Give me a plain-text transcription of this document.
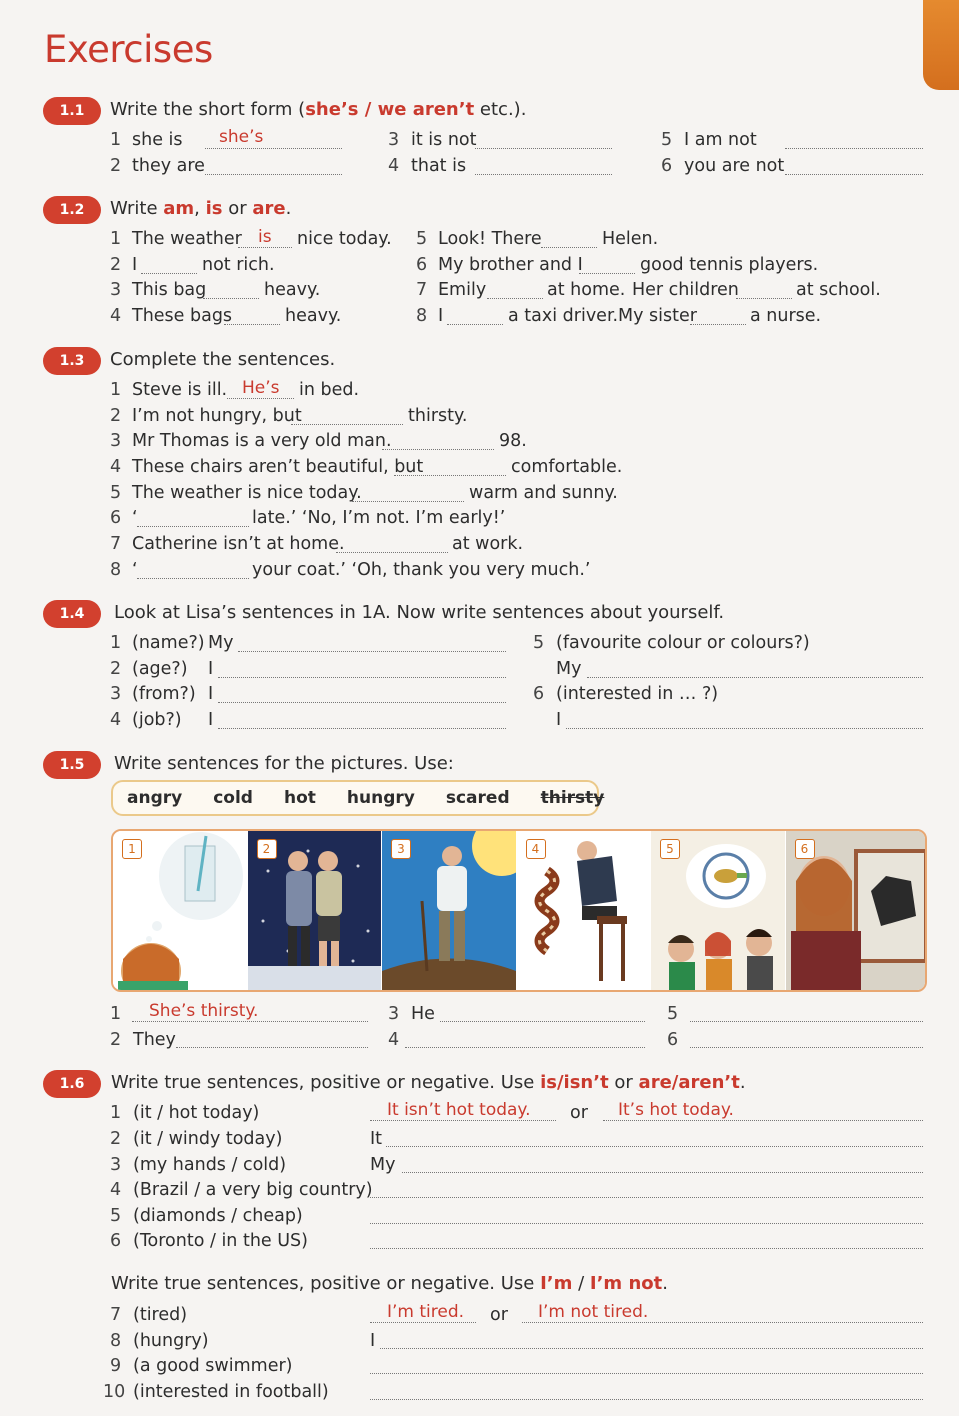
Exercises
1.1	Write the short form (she’s / we aren’t etc.).
1 she is she’s
2 they are
3 it is not
4 that is
5 I am not
6 you are not
1.2	Write am, is or are.
1 The weather is nice today.
2 I	not rich.
3 This bag	heavy.
4 These bags	heavy.
5 Look! There	Helen.
6 My brother and I	good tennis players.
7 Emily	at home. Her children	at school.
8 I	a taxi driver. My sister	a nurse.
1.3	Complete the sentences.
1 Steve is ill. He’s in bed.
2 I’m not hungry, but	thirsty.
3 Mr Thomas is a very old man.	98.
4 These chairs aren’t beautiful, but	comfortable.
5 The weather is nice today.	warm and sunny.
6 ‘	late.’ ‘No, I’m not. I’m early!’
7 Catherine isn’t at home.	at work.
8 ‘	your coat.’ ‘Oh, thank you very much.’
1.4	Look at Lisa’s sentences in 1A. Now write sentences about yourself.
1 (name?) My
2 (age?) I
3 (from?) I
4 (job?) I
5 (favourite colour or colours?)
My
6 (interested in … ?)
I
1.5	Write sentences for the pictures. Use:
angry cold hot hungry scared thirsty
1	2	3	4	5	6
1 She’s thirsty.
2 They
3 He
4
5
6
1.6	Write true sentences, positive or negative. Use is/isn’t or are/aren’t.
1 (it / hot today)	It isn’t hot today. or It’s hot today.
2 (it / windy today)	It
3 (my hands / cold)	My
4 (Brazil / a very big country)
5 (diamonds / cheap)
6 (Toronto / in the US)
Write true sentences, positive or negative. Use I’m / I’m not.
7 (tired)	I’m tired. or I’m not tired.
8 (hungry)	I
9 (a good swimmer)
10 (interested in football)
